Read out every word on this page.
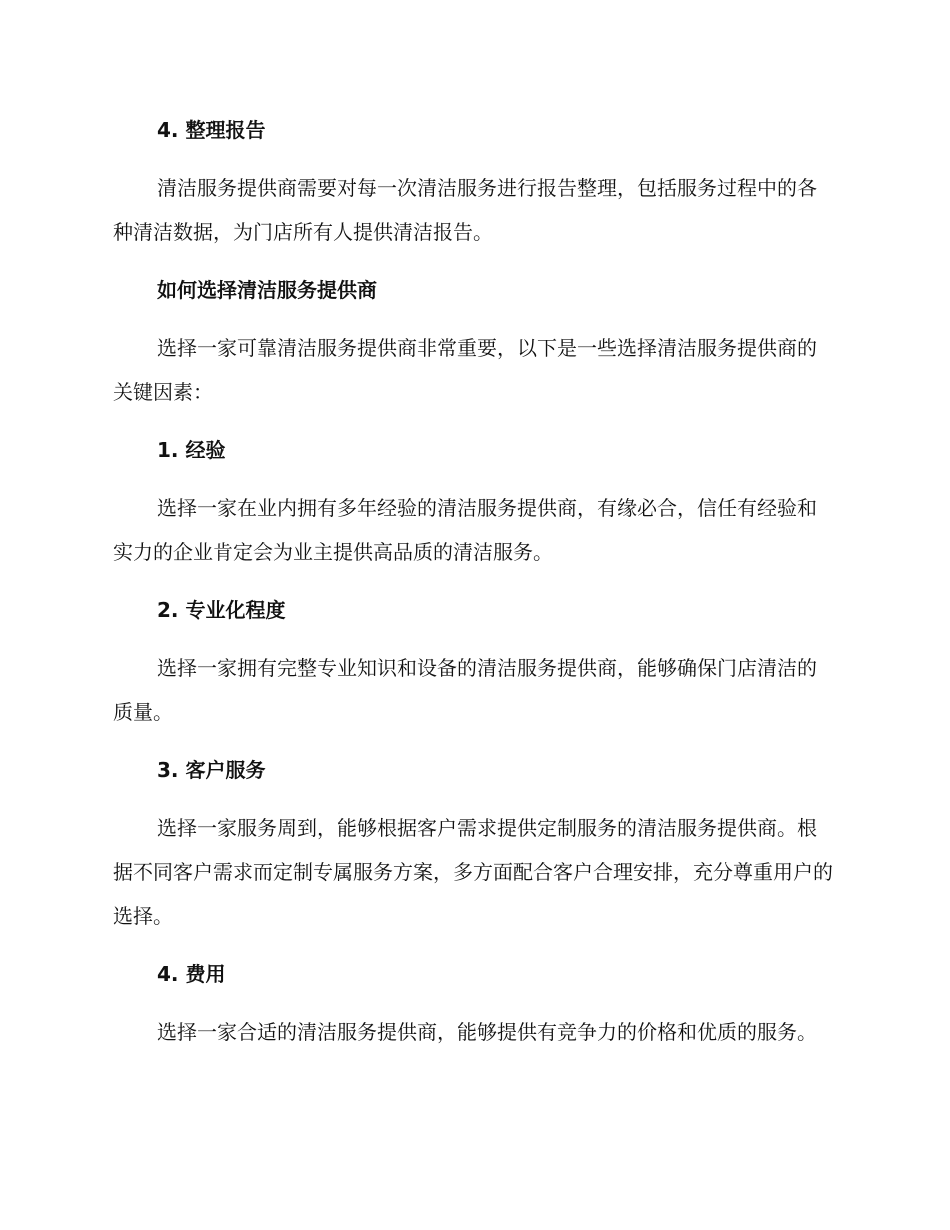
4. 整理报告
清洁服务提供商需要对每一次清洁服务进行报告整理，包括服务过程中的各种清洁数据，为门店所有人提供清洁报告。
如何选择清洁服务提供商
选择一家可靠清洁服务提供商非常重要，以下是一些选择清洁服务提供商的关键因素：
1. 经验
选择一家在业内拥有多年经验的清洁服务提供商，有缘必合，信任有经验和实力的企业肯定会为业主提供高品质的清洁服务。
2. 专业化程度
选择一家拥有完整专业知识和设备的清洁服务提供商，能够确保门店清洁的质量。
3. 客户服务
选择一家服务周到，能够根据客户需求提供定制服务的清洁服务提供商。根据不同客户需求而定制专属服务方案，多方面配合客户合理安排，充分尊重用户的选择。
4. 费用
选择一家合适的清洁服务提供商，能够提供有竞争力的价格和优质的服务。
